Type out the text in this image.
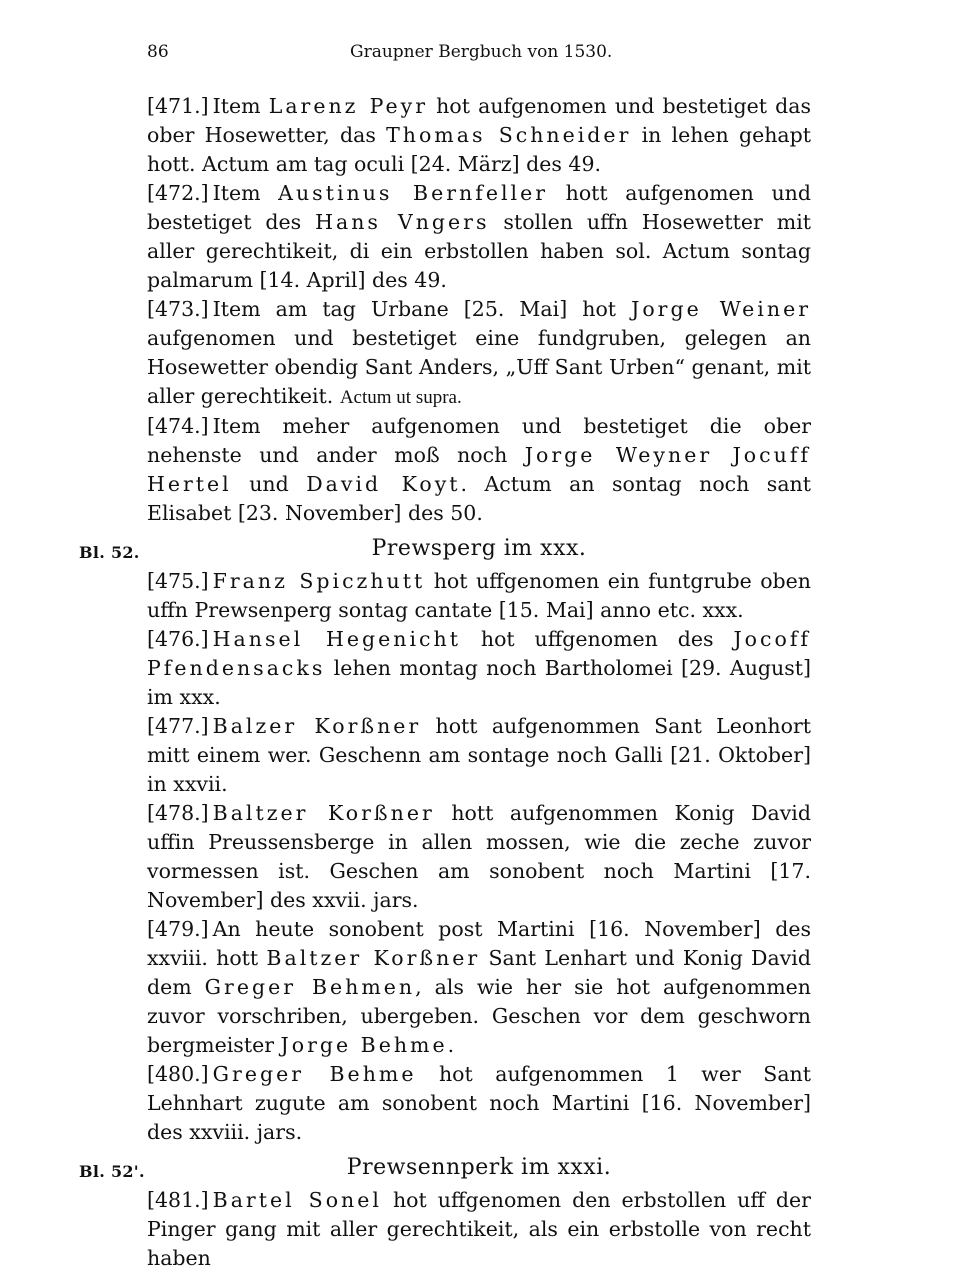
86	Graupner Bergbuch von 1530.

[471.] Item Larenz Peyr hot aufgenomen und bestetiget das ober Hosewetter, das Thomas Schneider in lehen gehapt hott. Actum am tag oculi [24. März] des 49.

[472.] Item Austinus Bernfeller hott aufgenomen und bestetiget des Hans Vngers stollen uffn Hosewetter mit aller gerechtikeit, di ein erbstollen haben sol. Actum sontag palmarum [14. April] des 49.

[473.] Item am tag Urbane [25. Mai] hot Jorge Weiner aufgenomen und bestetiget eine fundgruben, gelegen an Hosewetter obendig Sant Anders, „Uff Sant Urben“ genant, mit aller gerechtikeit. Actum ut supra.

[474.] Item meher aufgenomen und bestetiget die ober nehenste und ander moß noch Jorge Weyner Jocuff Hertel und David Koyt. Actum an sontag noch sant Elisabet [23. November] des 50.

Bl. 52.	Prewsperg im xxx.

[475.] Franz Spiczhutt hot uffgenomen ein funtgrube oben uffn Prewsenperg sontag cantate [15. Mai] anno etc. xxx.

[476.] Hansel Hegenicht hot uffgenomen des Jocoff Pfendensacks lehen montag noch Bartholomei [29. August] im xxx.

[477.] Balzer Korßner hott aufgenommen Sant Leonhort mitt einem wer. Geschenn am sontage noch Galli [21. Oktober] in xxvii.

[478.] Baltzer Korßner hott aufgenommen Konig David uffin Preussensberge in allen mossen, wie die zeche zuvor vormessen ist. Geschen am sonobent noch Martini [17. November] des xxvii. jars.

[479.] An heute sonobent post Martini [16. November] des xxviii. hott Baltzer Korßner Sant Lenhart und Konig David dem Greger Behmen, als wie her sie hot aufgenommen zuvor vorschriben, ubergeben. Geschen vor dem geschworn bergmeister Jorge Behme.

[480.] Greger Behme hot aufgenommen 1 wer Sant Lehnhart zugute am sonobent noch Martini [16. November] des xxviii. jars.

Bl. 52'.	Prewsennperk im xxxi.

[481.] Bartel Sonel hot uffgenomen den erbstollen uff der Pinger gang mit aller gerechtikeit, als ein erbstolle von recht haben
